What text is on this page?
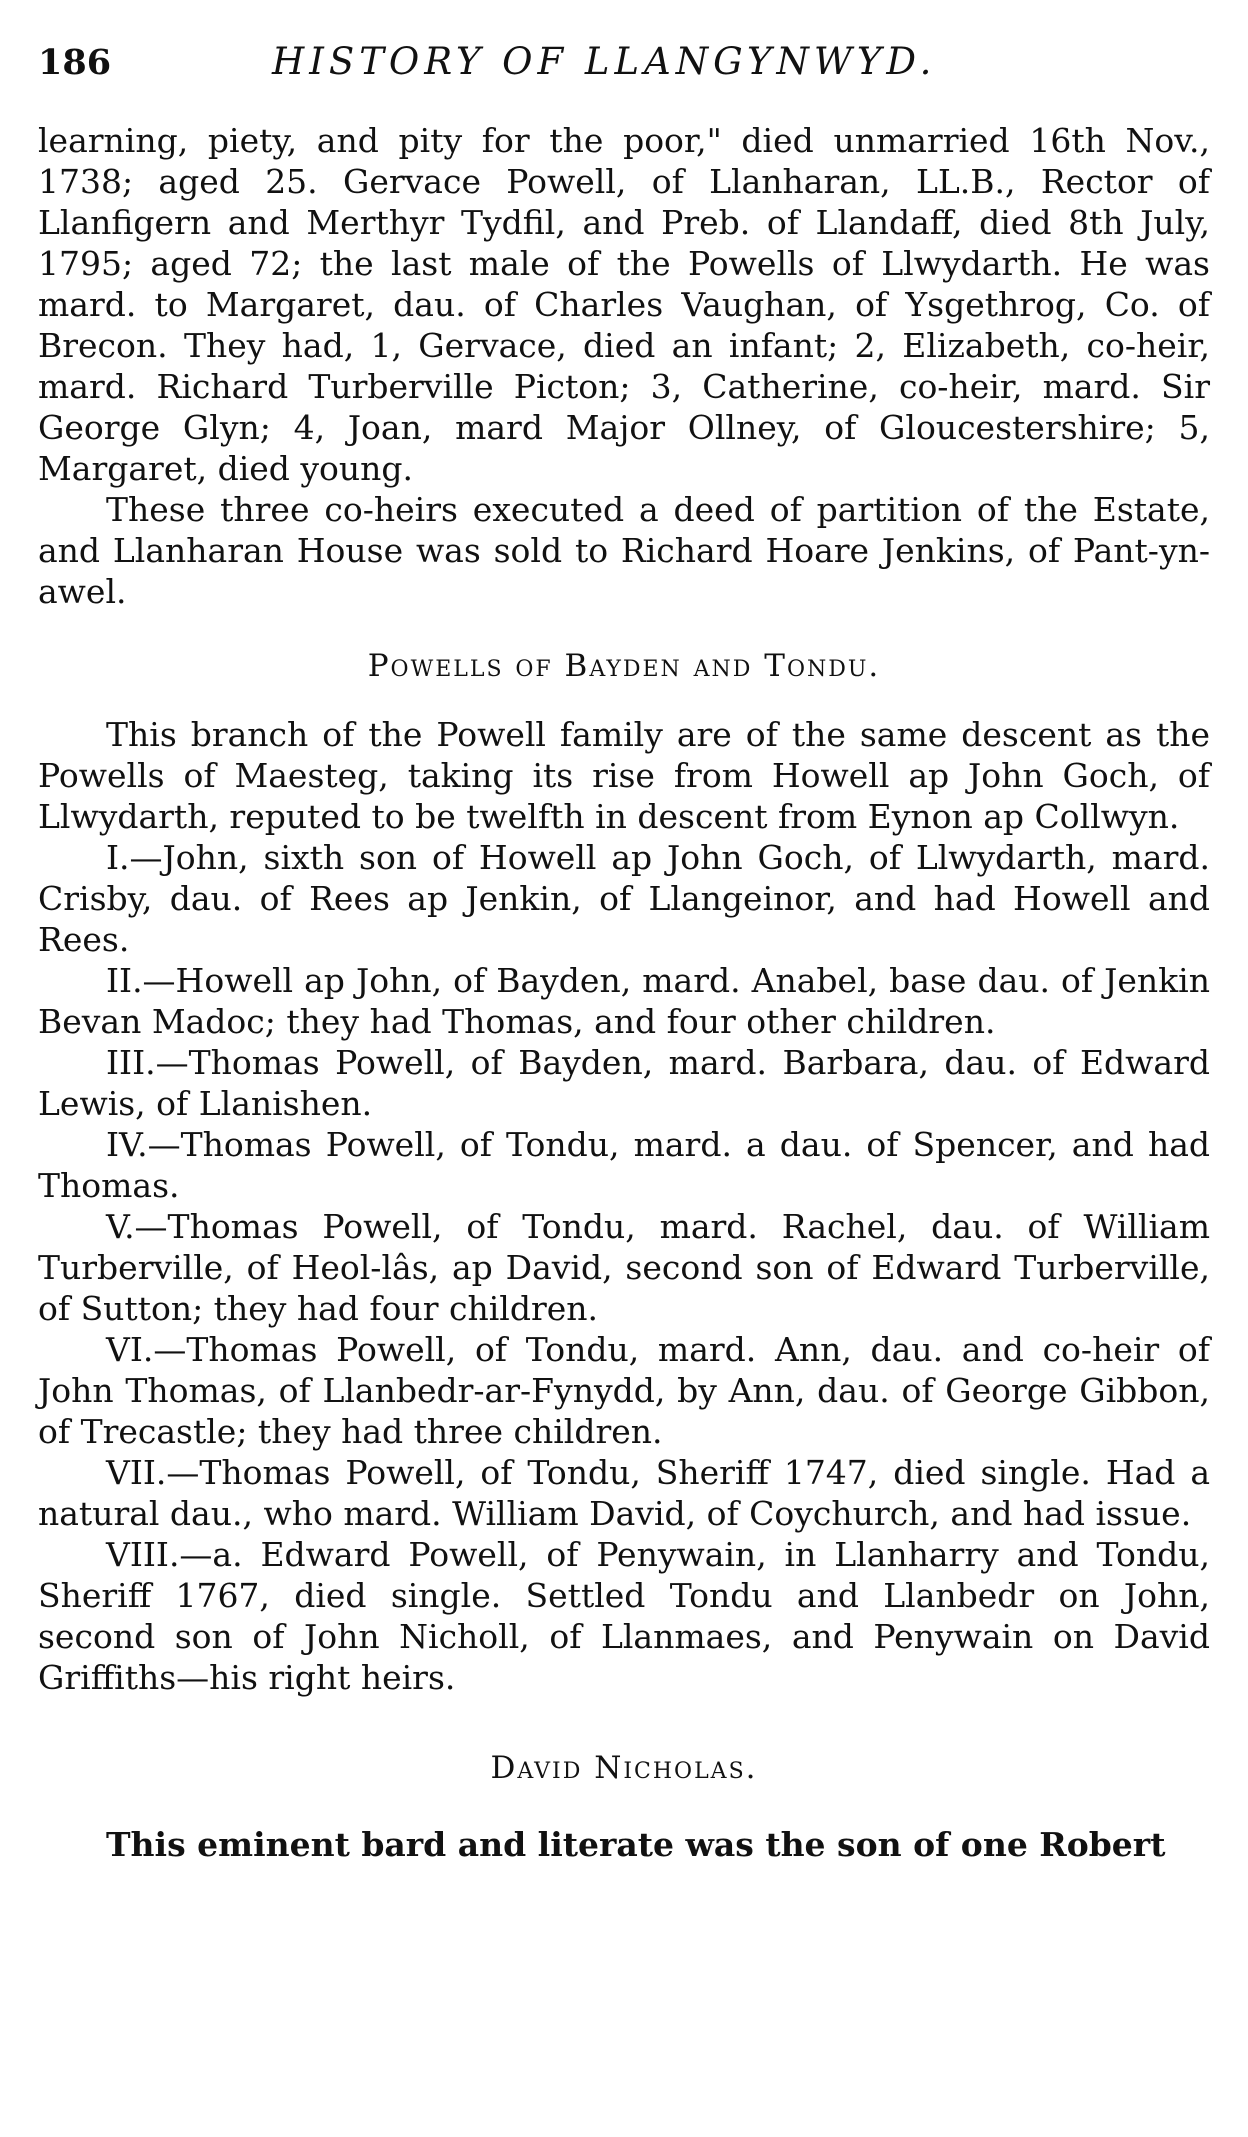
186	HISTORY OF LLANGYNWYD.

learning, piety, and pity for the poor," died unmarried 16th Nov., 1738; aged 25. Gervace Powell, of Llanharan, LL.B., Rector of Llanfigern and Merthyr Tydfil, and Preb. of Llandaff, died 8th July, 1795; aged 72; the last male of the Powells of Llwydarth. He was mard. to Margaret, dau. of Charles Vaughan, of Ysgethrog, Co. of Brecon. They had, 1, Gervace, died an infant; 2, Elizabeth, co-heir, mard. Richard Turberville Picton; 3, Catherine, co-heir, mard. Sir George Glyn; 4, Joan, mard Major Ollney, of Gloucestershire; 5, Margaret, died young.

These three co-heirs executed a deed of partition of the Estate, and Llanharan House was sold to Richard Hoare Jenkins, of Pant-yn-awel.

Powells of Bayden and Tondu.

This branch of the Powell family are of the same descent as the Powells of Maesteg, taking its rise from Howell ap John Goch, of Llwydarth, reputed to be twelfth in descent from Eynon ap Collwyn.

I.—John, sixth son of Howell ap John Goch, of Llwydarth, mard. Crisby, dau. of Rees ap Jenkin, of Llangeinor, and had Howell and Rees.

II.—Howell ap John, of Bayden, mard. Anabel, base dau. of Jenkin Bevan Madoc; they had Thomas, and four other children.

III.—Thomas Powell, of Bayden, mard. Barbara, dau. of Edward Lewis, of Llanishen.

IV.—Thomas Powell, of Tondu, mard. a dau. of Spencer, and had Thomas.

V.—Thomas Powell, of Tondu, mard. Rachel, dau. of William Turberville, of Heol-lâs, ap David, second son of Edward Turberville, of Sutton; they had four children.

VI.—Thomas Powell, of Tondu, mard. Ann, dau. and co-heir of John Thomas, of Llanbedr-ar-Fynydd, by Ann, dau. of George Gibbon, of Trecastle; they had three children.

VII.—Thomas Powell, of Tondu, Sheriff 1747, died single. Had a natural dau., who mard. William David, of Coychurch, and had issue.

VIII.—a. Edward Powell, of Penywain, in Llanharry and Tondu, Sheriff 1767, died single. Settled Tondu and Llanbedr on John, second son of John Nicholl, of Llanmaes, and Penywain on David Griffiths—his right heirs.

David Nicholas.

This eminent bard and literate was the son of one Robert
